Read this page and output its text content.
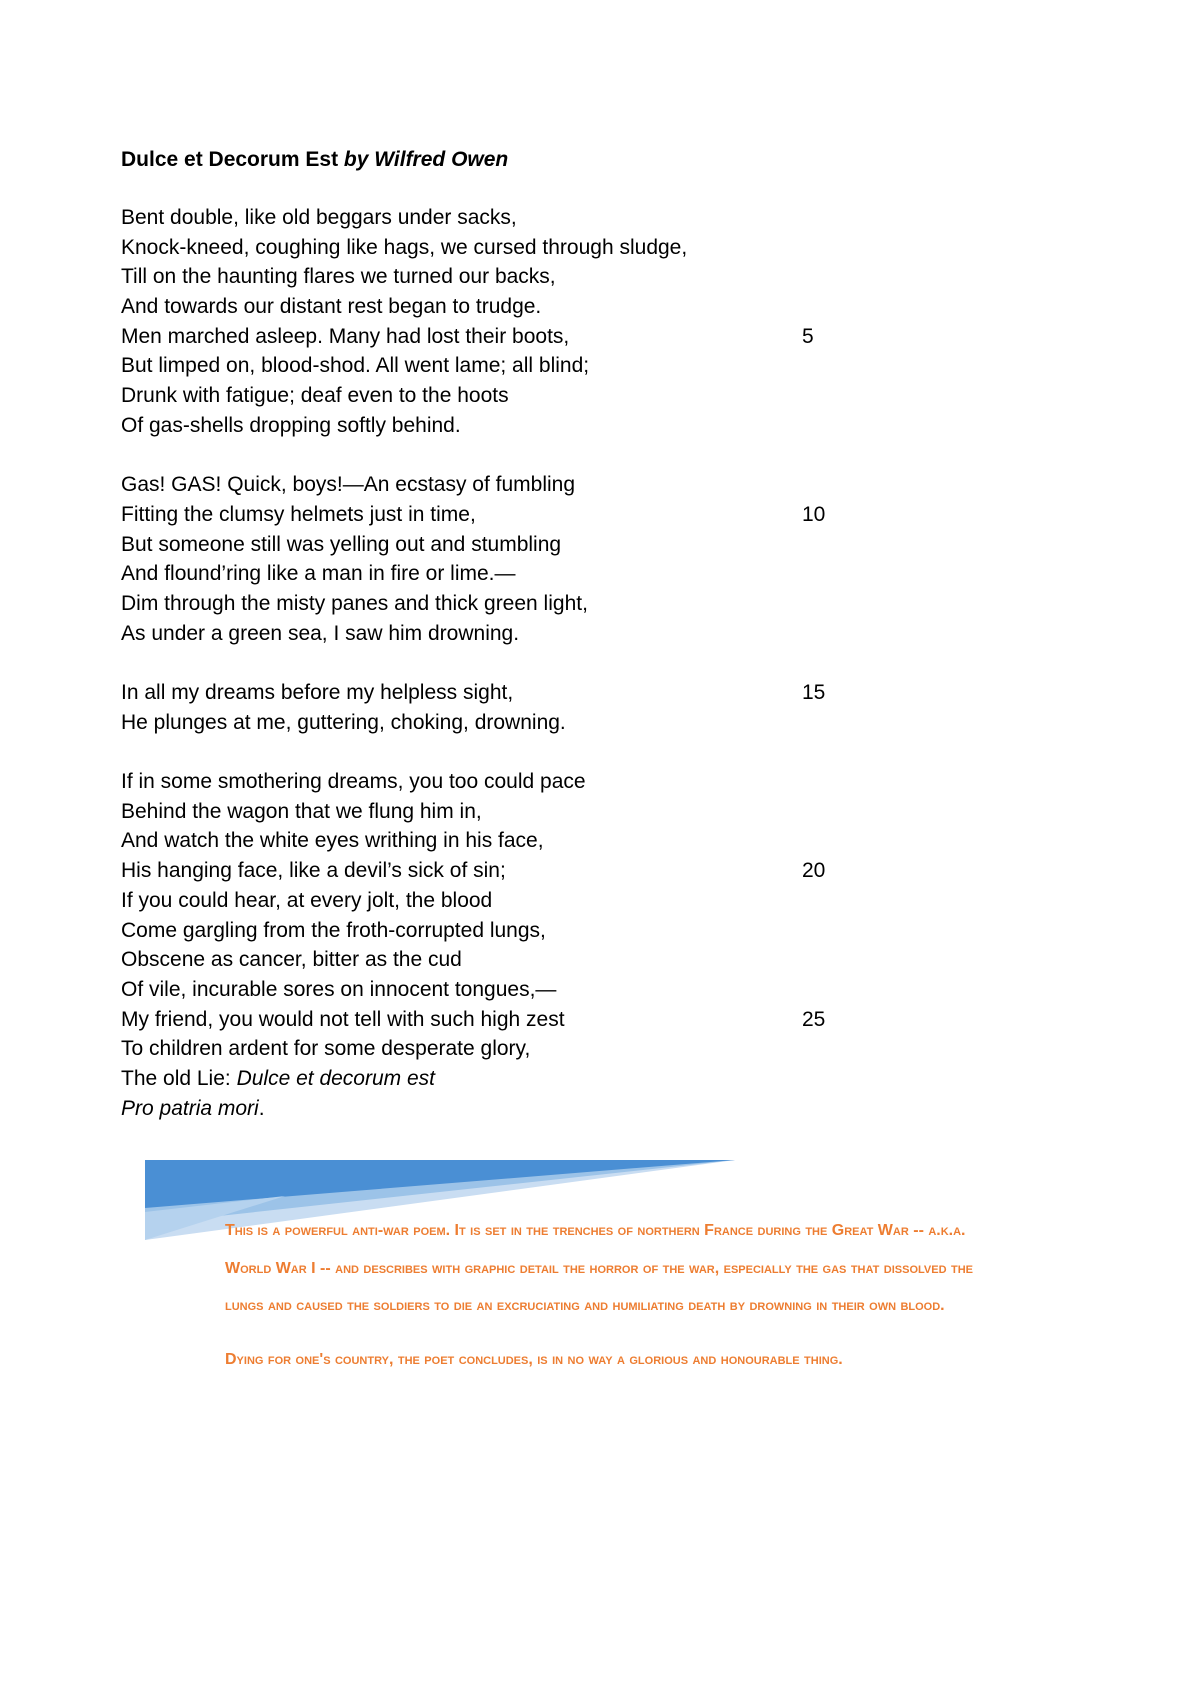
Dulce et Decorum Est by Wilfred Owen
Bent double, like old beggars under sacks,
Knock-kneed, coughing like hags, we cursed through sludge,
Till on the haunting flares we turned our backs,
And towards our distant rest began to trudge.
Men marched asleep. Many had lost their boots,	5
But limped on, blood-shod. All went lame; all blind;
Drunk with fatigue; deaf even to the hoots
Of gas-shells dropping softly behind.
Gas! GAS! Quick, boys!—An ecstasy of fumbling
Fitting the clumsy helmets just in time,	10
But someone still was yelling out and stumbling
And flound’ring like a man in fire or lime.—
Dim through the misty panes and thick green light,
As under a green sea, I saw him drowning.
In all my dreams before my helpless sight,	15
He plunges at me, guttering, choking, drowning.
If in some smothering dreams, you too could pace
Behind the wagon that we flung him in,
And watch the white eyes writhing in his face,
His hanging face, like a devil’s sick of sin;	20
If you could hear, at every jolt, the blood
Come gargling from the froth-corrupted lungs,
Obscene as cancer, bitter as the cud
Of vile, incurable sores on innocent tongues,—
My friend, you would not tell with such high zest	25
To children ardent for some desperate glory,
The old Lie: Dulce et decorum est
Pro patria mori.

This is a powerful anti-war poem. It is set in the trenches of northern France during the Great War -- a.k.a. World War I -- and describes with graphic detail the horror of the war, especially the gas that dissolved the lungs and caused the soldiers to die an excruciating and humiliating death by drowning in their own blood.

Dying for one's country, the poet concludes, is in no way a glorious and honourable thing.
